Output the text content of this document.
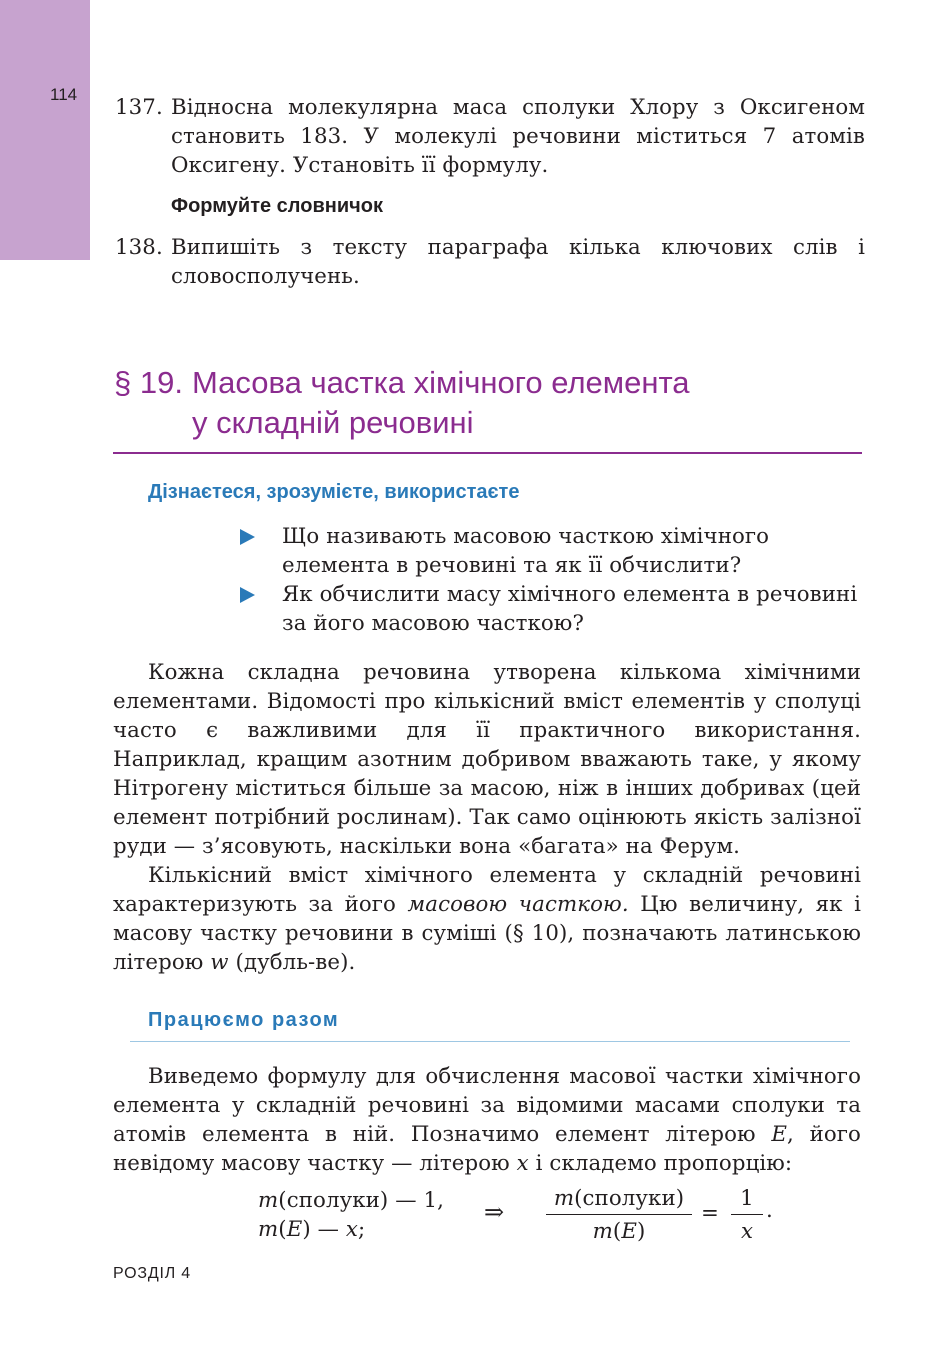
114
137. Відносна молекулярна маса сполуки Хлору з Оксигеном становить 183. У молекулі речовини міститься 7 атомів Оксигену. Установіть її формулу.
Формуйте словничок
138. Випишіть з тексту параграфа кілька ключових слів і словосполучень.
§ 19. Масова частка хімічного елемента
у складній речовині
Дізнаєтеся, зрозумієте, використаєте
Що називають масовою часткою хімічного елемента в речовині та як її обчислити?
Як обчислити масу хімічного елемента в речовині за його масовою часткою?

Кожна складна речовина утворена кількома хімічними елементами. Відомості про кількісний вміст елементів у сполуці часто є важливими для її практичного використання. Наприклад, кращим азотним добривом вважають таке, у якому Нітрогену міститься більше за масою, ніж в інших добривах (цей елемент потрібний рослинам). Так само оцінюють якість залізної руди — з’ясовують, наскільки вона «багата» на Ферум.

Кількісний вміст хімічного елемента у складній речовині характеризують за його масовою часткою. Цю величину, як і масову частку речовини в суміші (§ 10), позначають латинською літерою w (дубль-ве).

Працюємо разом

Виведемо формулу для обчислення масової частки хімічного елемента у складній речовині за відомими масами сполуки та атомів елемента в ній. Позначимо елемент літерою E, його невідому масову частку — літерою x і складемо пропорцію:

m(сполуки) — 1,
m(E) — x;
⇒	m(сполуки)
m(E)
=
1
x
.
РОЗДІЛ 4
